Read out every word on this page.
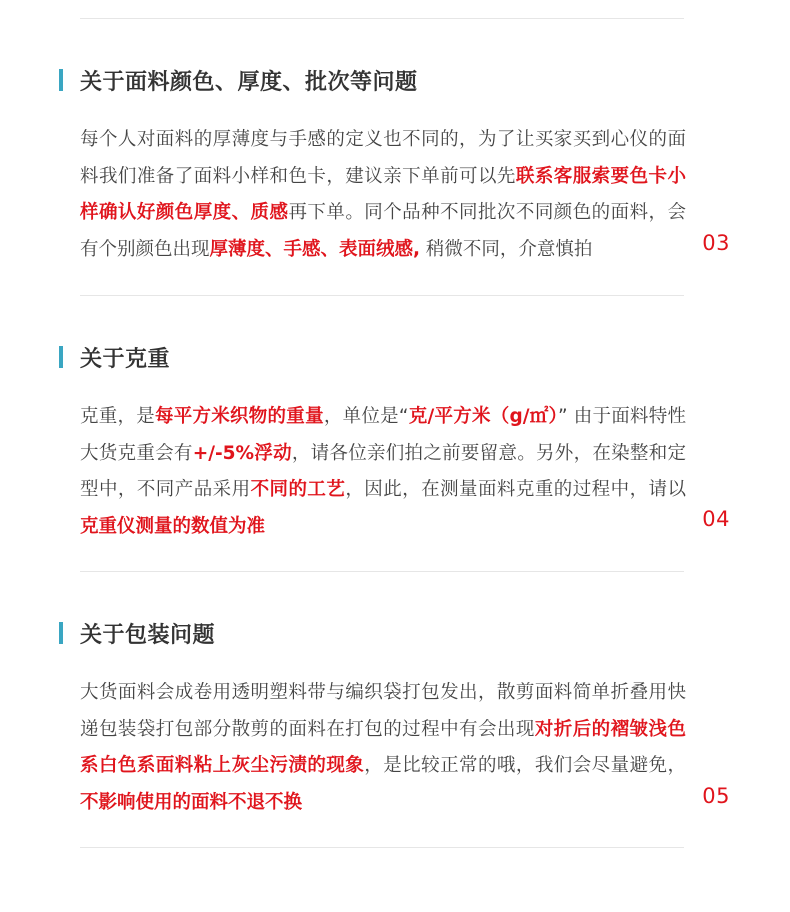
关于面料颜色、厚度、批次等问题
每个人对面料的厚薄度与手感的定义也不同的，为了让买家买到心仪的面料我们准备了面料小样和色卡，建议亲下单前可以先联系客服索要色卡小样确认好颜色厚度、质感再下单。同个品种不同批次不同颜色的面料，会有个别颜色出现厚薄度、手感、表面绒感, 稍微不同，介意慎拍	03
关于克重
克重，是每平方米织物的重量，单位是“克/平方米（g/㎡）” 由于面料特性大货克重会有+/-5%浮动，请各位亲们拍之前要留意。另外，在染整和定型中，不同产品采用不同的工艺，因此，在测量面料克重的过程中，请以克重仪测量的数值为准	04
关于包装问题
大货面料会成卷用透明塑料带与编织袋打包发出，散剪面料简单折叠用快递包装袋打包部分散剪的面料在打包的过程中有会出现对折后的褶皱浅色系白色系面料粘上灰尘污渍的现象，是比较正常的哦，我们会尽量避免，不影响使用的面料不退不换	05
